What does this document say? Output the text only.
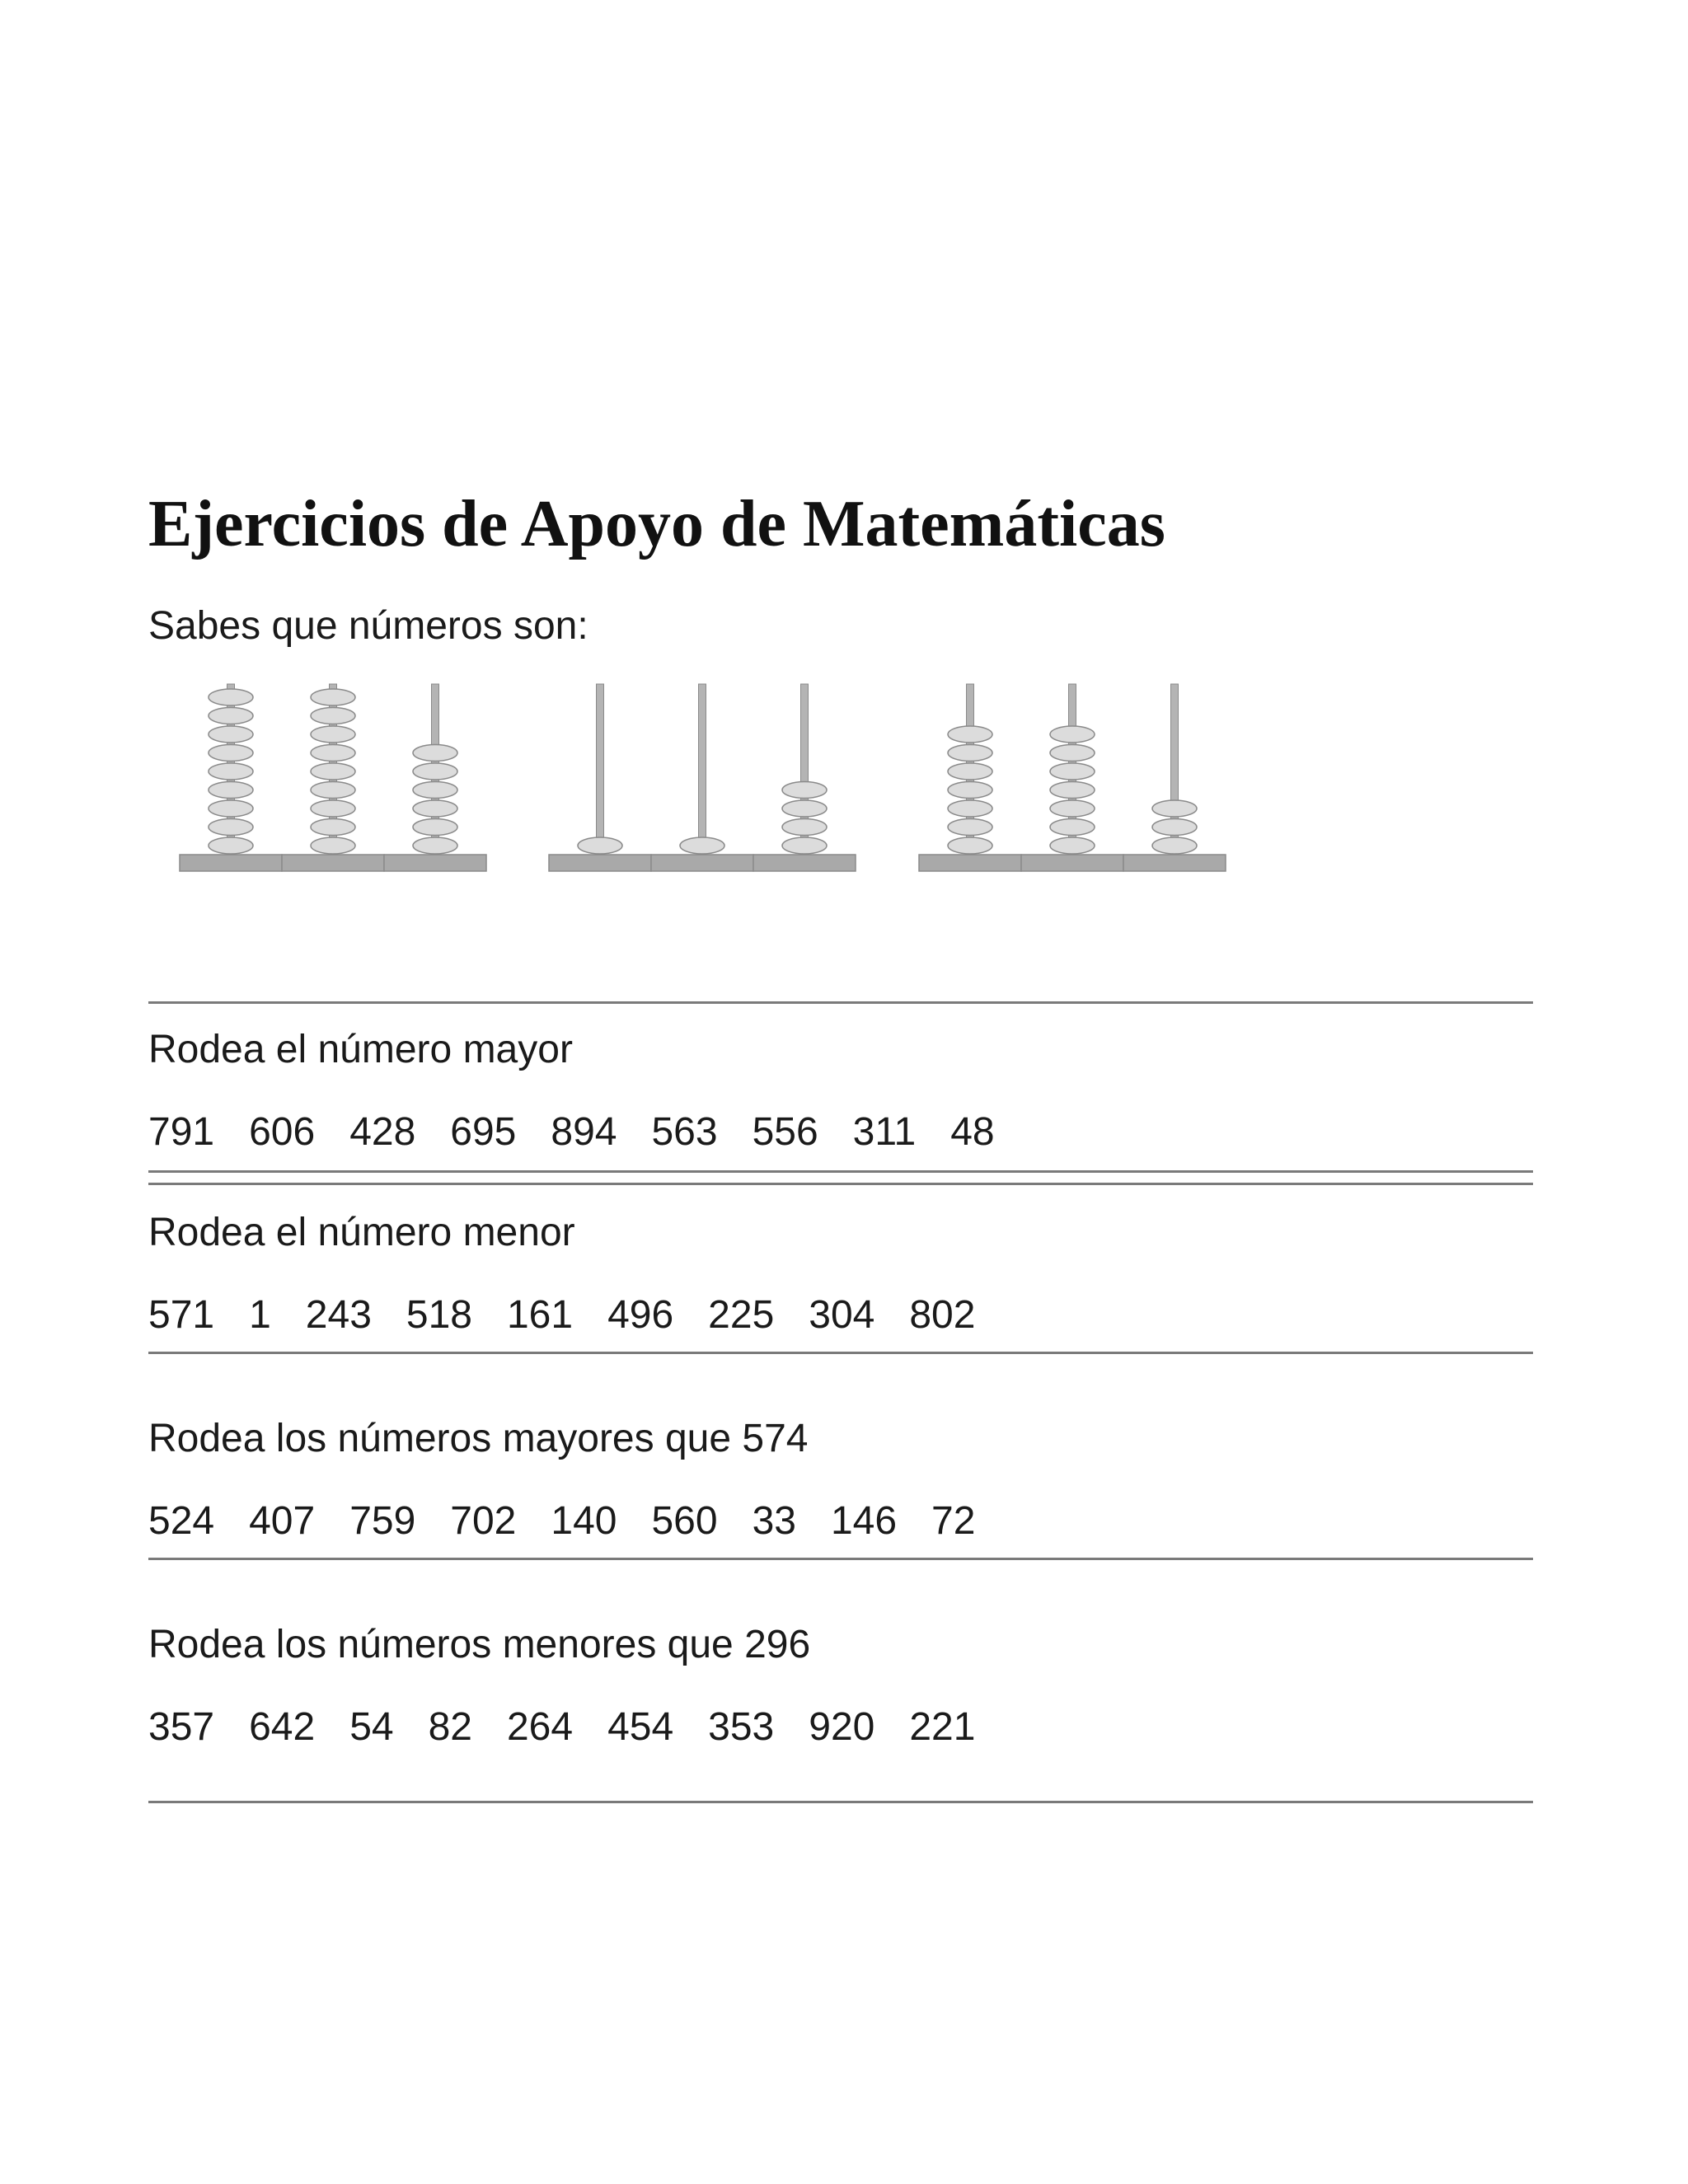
Ejercicios de Apoyo de Matemáticas
Sabes que números son:
Rodea el número mayor
791 606 428 695 894 563 556 311 48
Rodea el número menor
571 1 243 518 161 496 225 304 802
Rodea los números mayores que 574
524 407 759 702 140 560 33 146 72
Rodea los números menores que 296
357 642 54 82 264 454 353 920 221
